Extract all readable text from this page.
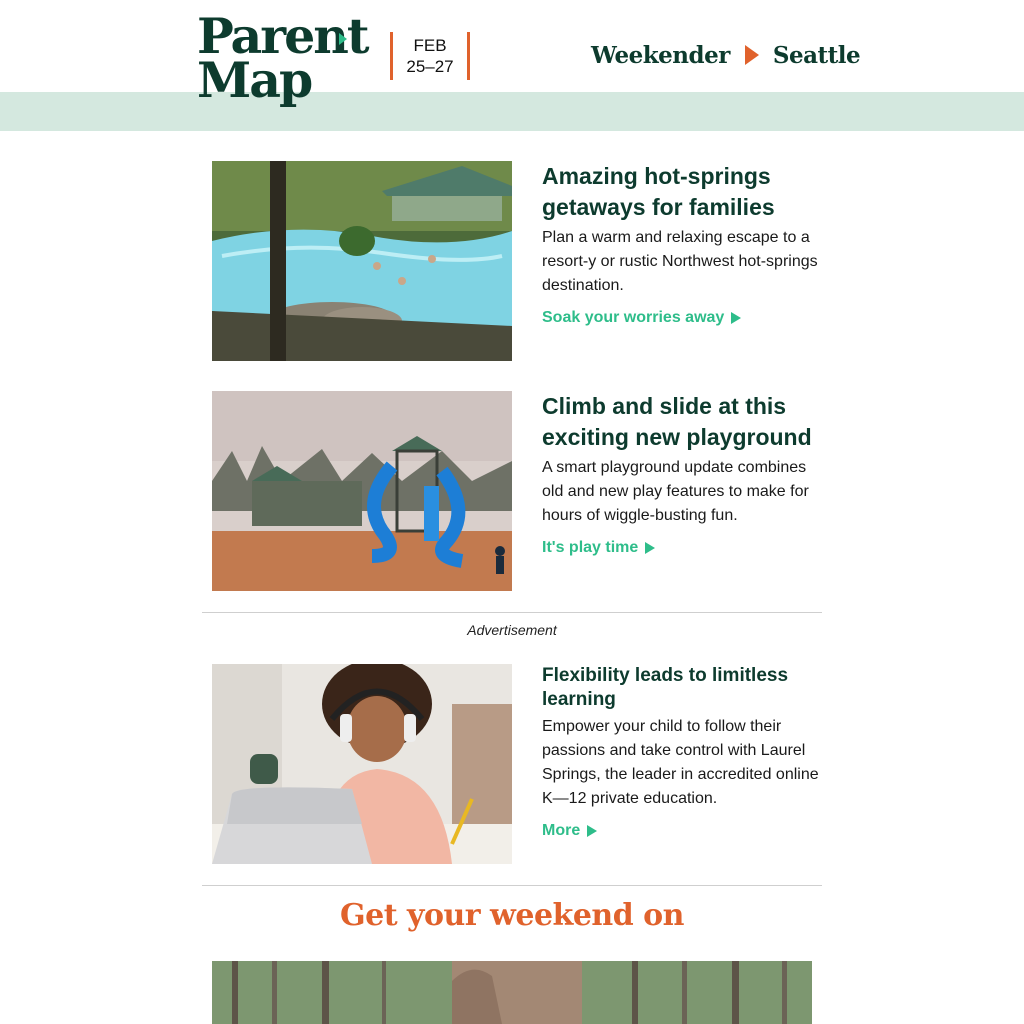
Parent
Map
FEB
25–27	Weekender Seattle
Amazing hot-springs getaways for families

Plan a warm and relaxing escape to a resort-y or rustic Northwest hot-springs destination.

Soak your worries away
Climb and slide at this exciting new playground

A smart playground update combines old and new play features to make for hours of wiggle-busting fun.

It's play time
Advertisement
Flexibility leads to limitless learning

Empower your child to follow their passions and take control with Laurel Springs, the leader in accredited online K—12 private education.

More
Get your weekend on
